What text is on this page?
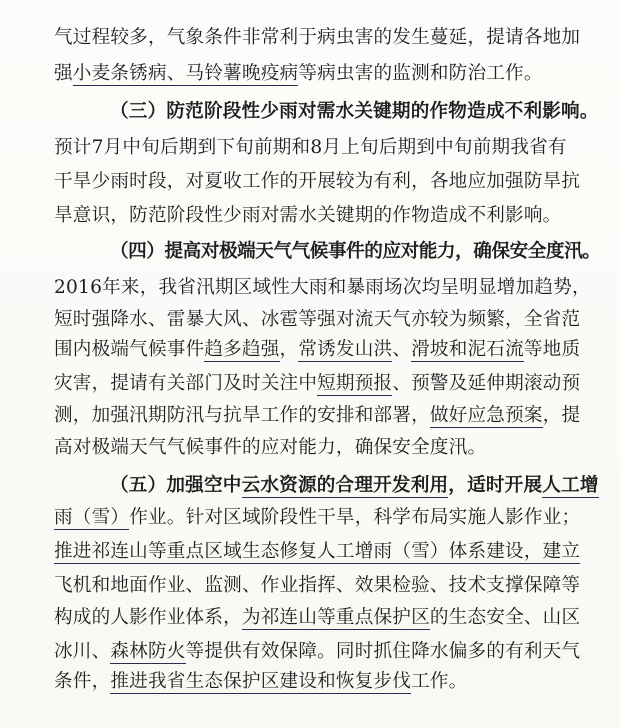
气过程较多，气象条件非常利于病虫害的发生蔓延，提请各地加
强小麦条锈病、马铃薯晚疫病等病虫害的监测和防治工作。
（三）防范阶段性少雨对需水关键期的作物造成不利影响。
预计7月中旬后期到下旬前期和8月上旬后期到中旬前期我省有
干旱少雨时段，对夏收工作的开展较为有利，各地应加强防旱抗
旱意识，防范阶段性少雨对需水关键期的作物造成不利影响。
（四）提高对极端天气气候事件的应对能力，确保安全度汛。
2016年来，我省汛期区域性大雨和暴雨场次均呈明显增加趋势，
短时强降水、雷暴大风、冰雹等强对流天气亦较为频繁，全省范
围内极端气候事件趋多趋强，常诱发山洪、滑坡和泥石流等地质
灾害，提请有关部门及时关注中短期预报、预警及延伸期滚动预
测，加强汛期防汛与抗旱工作的安排和部署，做好应急预案，提
高对极端天气气候事件的应对能力，确保安全度汛。
（五）加强空中云水资源的合理开发利用，适时开展人工增
雨（雪）作业。针对区域阶段性干旱，科学布局实施人影作业；
推进祁连山等重点区域生态修复人工增雨（雪）体系建设，建立
飞机和地面作业、监测、作业指挥、效果检验、技术支撑保障等
构成的人影作业体系，为祁连山等重点保护区的生态安全、山区
冰川、森林防火等提供有效保障。同时抓住降水偏多的有利天气
条件，推进我省生态保护区建设和恢复步伐工作。
